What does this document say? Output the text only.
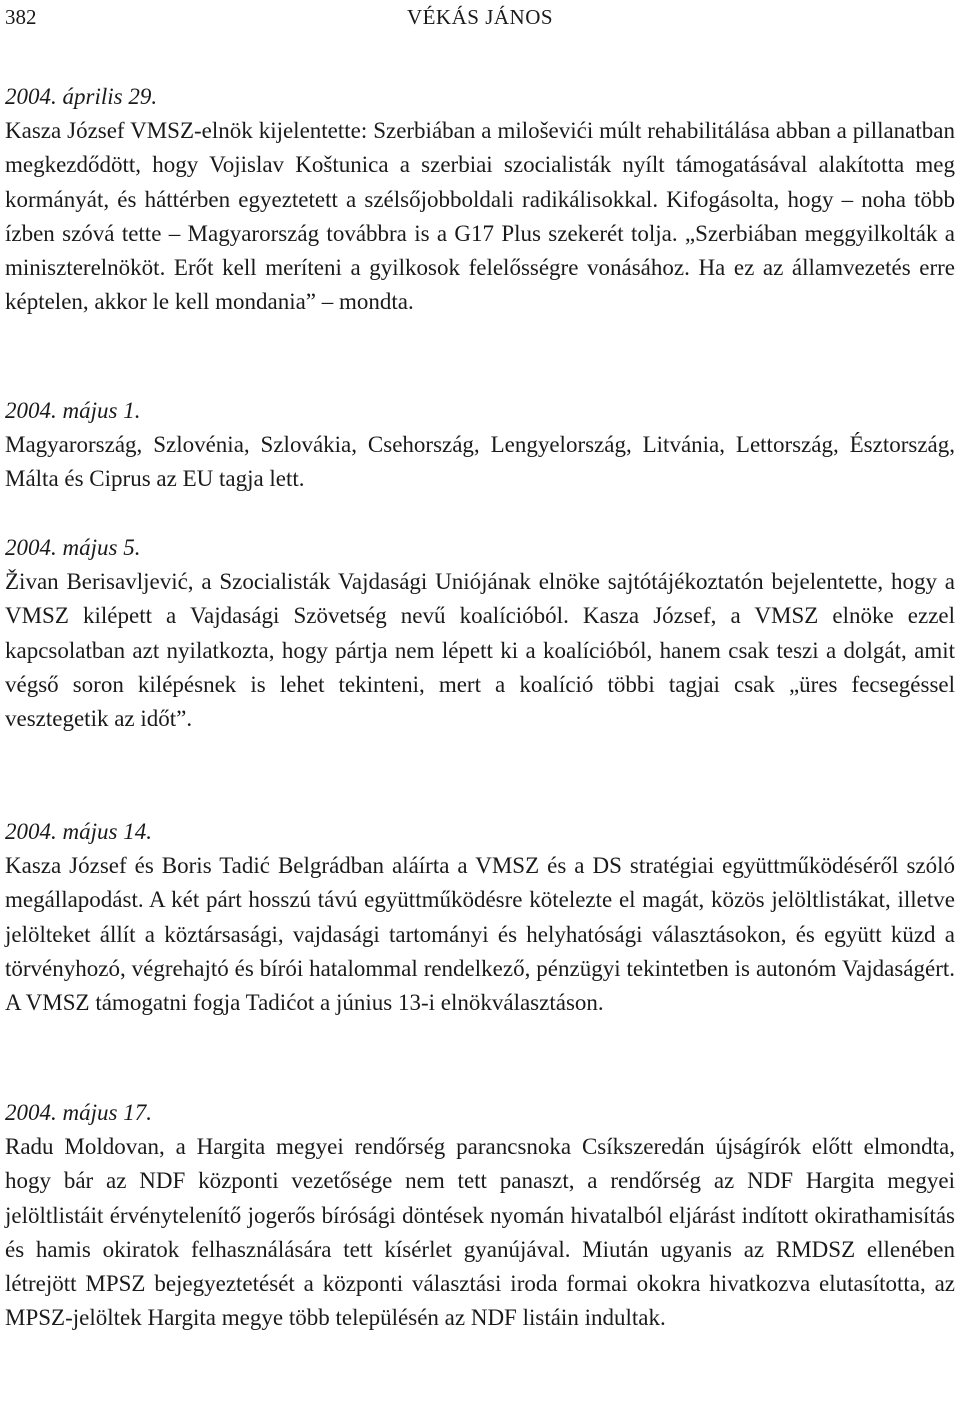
382	VÉKÁS JÁNOS

2004. április 29.

Kasza József VMSZ-elnök kijelentette: Szerbiában a miloševići múlt rehabilitálása abban a pillanatban megkezdődött, hogy Vojislav Koštunica a szerbiai szocialisták nyílt támogatásával alakította meg kormányát, és háttérben egyeztetett a szélsőjobboldali radikálisokkal. Kifogásolta, hogy – noha több ízben szóvá tette – Magyarország továbbra is a G17 Plus szekerét tolja. „Szerbiában meggyilkolták a miniszterelnököt. Erőt kell meríteni a gyilkosok felelősségre vonásához. Ha ez az államvezetés erre képtelen, akkor le kell mondania” – mondta.

2004. május 1.

Magyarország, Szlovénia, Szlovákia, Csehország, Lengyelország, Litvánia, Lettország, Észtország, Málta és Ciprus az EU tagja lett.

2004. május 5.

Živan Berisavljević, a Szocialisták Vajdasági Uniójának elnöke sajtótájékoztatón bejelentette, hogy a VMSZ kilépett a Vajdasági Szövetség nevű koalícióból. Kasza József, a VMSZ elnöke ezzel kapcsolatban azt nyilatkozta, hogy pártja nem lépett ki a koalícióból, hanem csak teszi a dolgát, amit végső soron kilépésnek is lehet tekinteni, mert a koalíció többi tagjai csak „üres fecsegéssel vesztegetik az időt”.

2004. május 14.

Kasza József és Boris Tadić Belgrádban aláírta a VMSZ és a DS stratégiai együttműködéséről szóló megállapodást. A két párt hosszú távú együttműködésre kötelezte el magát, közös jelöltlistákat, illetve jelölteket állít a köztársasági, vajdasági tartományi és helyhatósági választásokon, és együtt küzd a törvényhozó, végrehajtó és bírói hatalommal rendelkező, pénzügyi tekintetben is autonóm Vajdaságért. A VMSZ támogatni fogja Tadićot a június 13-i elnökválasztáson.

2004. május 17.

Radu Moldovan, a Hargita megyei rendőrség parancsnoka Csíkszeredán újságírók előtt elmondta, hogy bár az NDF központi vezetősége nem tett panaszt, a rendőrség az NDF Hargita megyei jelöltlistáit érvénytelenítő jogerős bírósági döntések nyomán hivatalból eljárást indított okirathamisítás és hamis okiratok felhasználására tett kísérlet gyanújával. Miután ugyanis az RMDSZ ellenében létrejött MPSZ bejegyeztetését a központi választási iroda formai okokra hivatkozva elutasította, az MPSZ-jelöltek Hargita megye több településén az NDF listáin indultak.
